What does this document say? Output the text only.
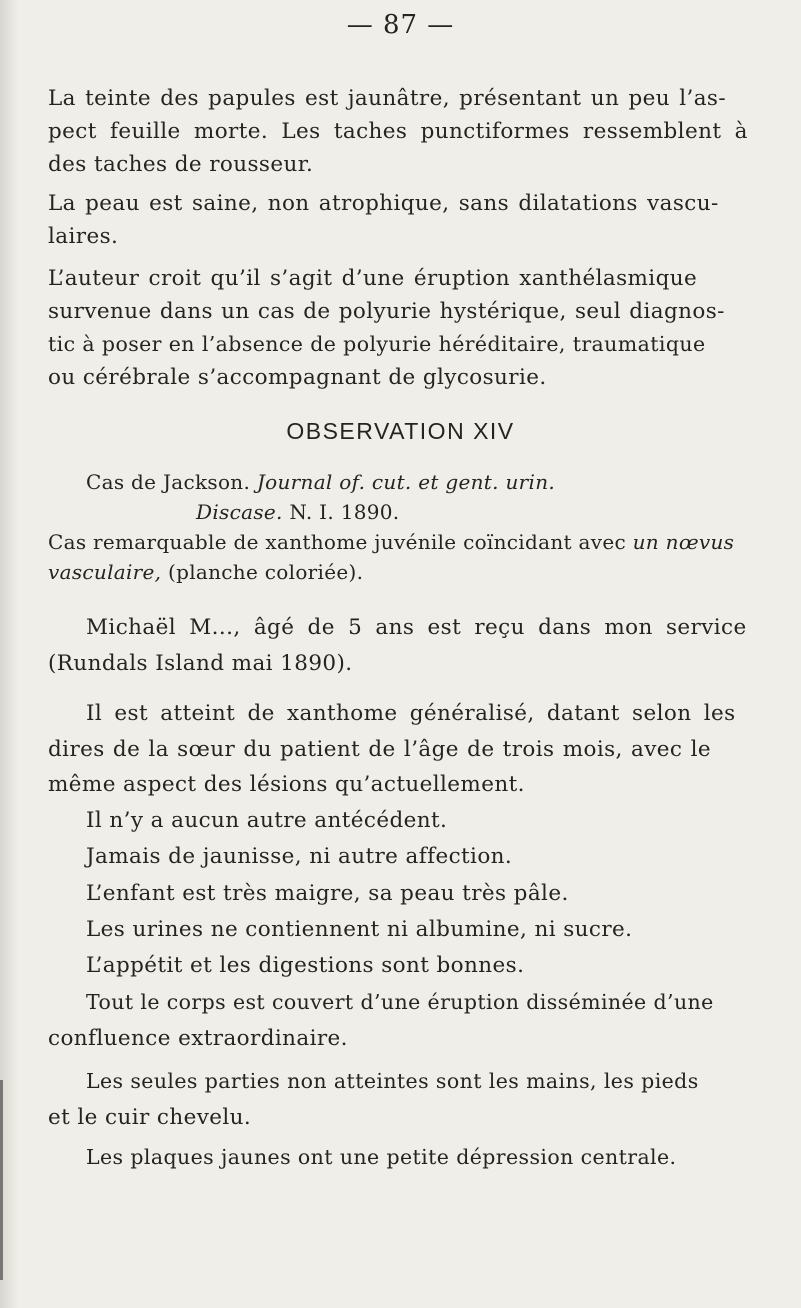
— 87 —
La teinte des papules est jaunâtre, présentant un peu l’as-
pect feuille morte. Les taches punctiformes ressemblent à
des taches de rousseur.
La peau est saine, non atrophique, sans dilatations vascu-
laires.
L’auteur croit qu’il s’agit d’une éruption xanthélasmique
survenue dans un cas de polyurie hystérique, seul diagnos-
tic à poser en l’absence de polyurie héréditaire, traumatique
ou cérébrale s’accompagnant de glycosurie.
OBSERVATION XIV
Cas de Jackson. Journal of. cut. et gent. urin.
Discase. N. I. 1890.
Cas remarquable de xanthome juvénile coïncidant avec un nœvus
vasculaire, (planche coloriée).
Michaël M..., âgé de 5 ans est reçu dans mon service
(Rundals Island mai 1890).
Il est atteint de xanthome généralisé, datant selon les
dires de la sœur du patient de l’âge de trois mois, avec le
même aspect des lésions qu’actuellement.
Il n’y a aucun autre antécédent.
Jamais de jaunisse, ni autre affection.
L’enfant est très maigre, sa peau très pâle.
Les urines ne contiennent ni albumine, ni sucre.
L’appétit et les digestions sont bonnes.
Tout le corps est couvert d’une éruption disséminée d’une
confluence extraordinaire.
Les seules parties non atteintes sont les mains, les pieds
et le cuir chevelu.
Les plaques jaunes ont une petite dépression centrale.
